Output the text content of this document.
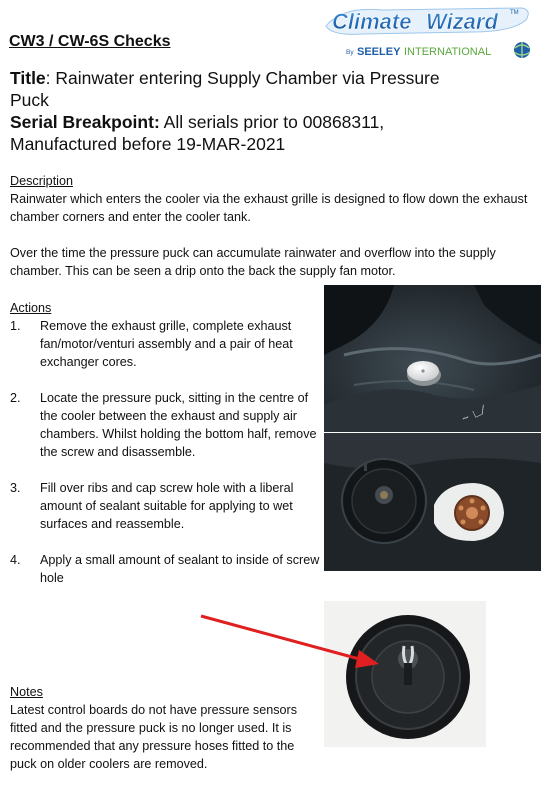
CW3 / CW-6S Checks
Climate Wizard TM
By SEELEY INTERNATIONAL
Title: Rainwater entering Supply Chamber via Pressure Puck
Serial Breakpoint: All serials prior to 00868311, Manufactured before 19-MAR-2021
Description

Rainwater which enters the cooler via the exhaust grille is designed to flow down the exhaust chamber corners and enter the cooler tank.

Over the time the pressure puck can accumulate rainwater and overflow into the supply chamber. This can be seen a drip onto the back the supply fan motor.

Actions
1.	Remove the exhaust grille, complete exhaust fan/motor/venturi assembly and a pair of heat exchanger cores.
2.	Locate the pressure puck, sitting in the centre of the cooler between the exhaust and supply air chambers. Whilst holding the bottom half, remove the screw and disassemble.
3.	Fill over ribs and cap screw hole with a liberal amount of sealant suitable for applying to wet surfaces and reassemble.
4.	Apply a small amount of sealant to inside of screw hole
Notes
Latest control boards do not have pressure sensors fitted and the pressure puck is no longer used. It is recommended that any pressure hoses fitted to the puck on older coolers are removed.
~ ∟∕
